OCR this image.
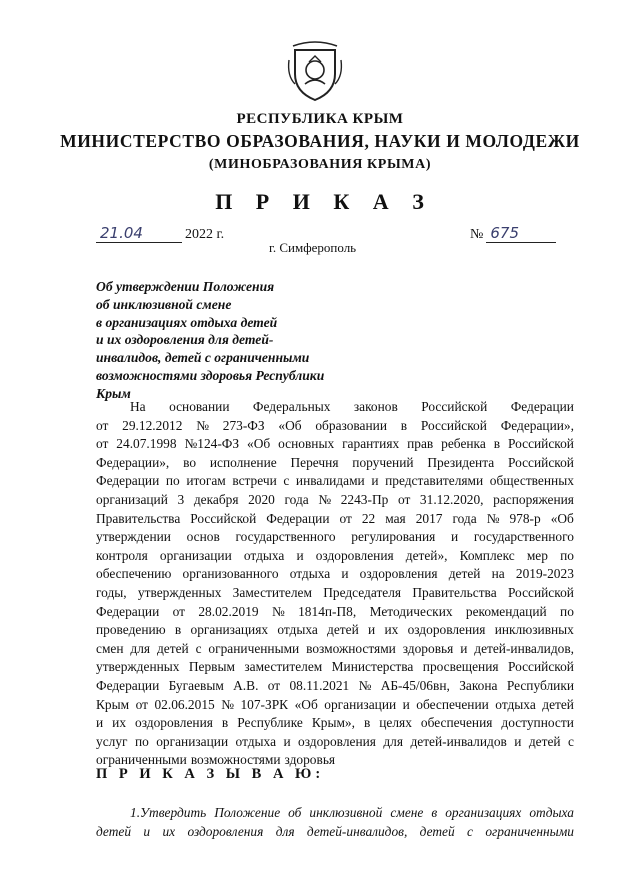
РЕСПУБЛИКА КРЫМ
МИНИСТЕРСТВО ОБРАЗОВАНИЯ, НАУКИ И МОЛОДЕЖИ
(МИНОБРАЗОВАНИЯ КРЫМА)
П Р И К А З
21.04	2022 г.	№ 675
г. Симферополь
Об утверждении Положения
об инклюзивной смене
в организациях отдыха детей
и их оздоровления для детей-
инвалидов, детей с ограниченными
возможностями здоровья Республики
Крым
На основании Федеральных законов Российской Федерации
от 29.12.2012 № 273-ФЗ «Об образовании в Российской Федерации»,
от 24.07.1998 №124-ФЗ «Об основных гарантиях прав ребенка в Российской
Федерации», во исполнение Перечня поручений Президента Российской
Федерации по итогам встречи с инвалидами и представителями общественных
организаций 3 декабря 2020 года № 2243-Пр от 31.12.2020, распоряжения
Правительства Российской Федерации от 22 мая 2017 года № 978-р «Об
утверждении основ государственного регулирования и государственного
контроля организации отдыха и оздоровления детей», Комплекс мер по
обеспечению организованного отдыха и оздоровления детей на 2019-2023
годы, утвержденных Заместителем Председателя Правительства Российской
Федерации от 28.02.2019 № 1814п-П8, Методических рекомендаций по
проведению в организациях отдыха детей и их оздоровления инклюзивных
смен для детей с ограниченными возможностями здоровья и детей-инвалидов,
утвержденных Первым заместителем Министерства просвещения Российской
Федерации Бугаевым А.В. от 08.11.2021 № АБ-45/06вн, Закона Республики
Крым от 02.06.2015 № 107-ЗРК «Об организации и обеспечении отдыха детей
и их оздоровления в Республике Крым», в целях обеспечения доступности
услуг по организации отдыха и оздоровления для детей-инвалидов и детей с
ограниченными возможностями здоровья
П Р И К А З Ы В А Ю:
1.Утвердить Положение об инклюзивной смене в организациях отдыха
детей и их оздоровления для детей-инвалидов, детей с ограниченными
